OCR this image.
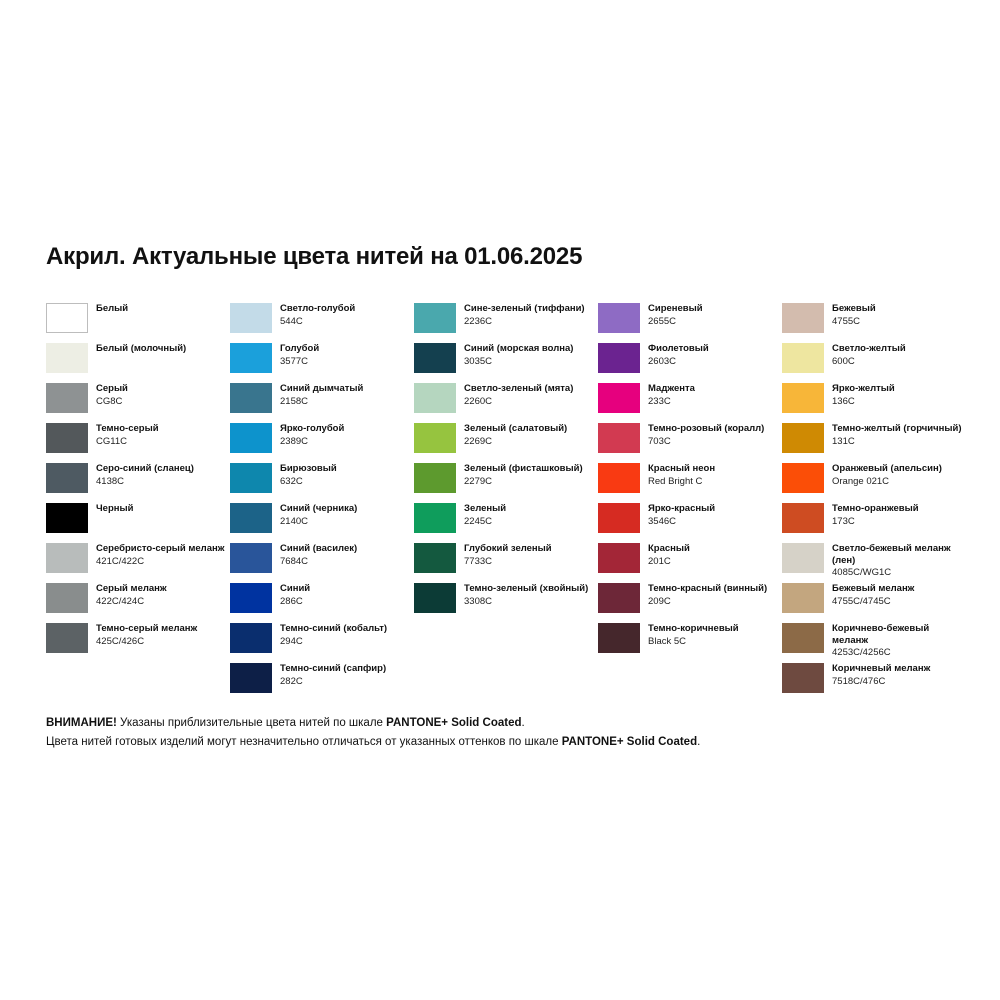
Акрил. Актуальные цвета нитей на 01.06.2025
Белый
Белый (молочный)
Серый
CG8C
Темно-серый
CG11C
Серо-синий (сланец)
4138C
Черный
Серебристо-серый меланж
421C/422C
Серый меланж
422C/424C
Темно-серый меланж
425C/426C
Светло-голубой
544C
Голубой
3577C
Синий дымчатый
2158C
Ярко-голубой
2389C
Бирюзовый
632C
Синий (черника)
2140C
Синий (василек)
7684C
Синий
286C
Темно-синий (кобальт)
294C
Темно-синий (сапфир)
282C
Сине-зеленый (тиффани)
2236C
Синий (морская волна)
3035C
Светло-зеленый (мята)
2260C
Зеленый (салатовый)
2269C
Зеленый (фисташковый)
2279C
Зеленый
2245C
Глубокий зеленый
7733C
Темно-зеленый (хвойный)
3308C
Сиреневый
2655C
Фиолетовый
2603C
Маджента
233C
Темно-розовый (коралл)
703C
Красный неон
Red Bright C
Ярко-красный
3546C
Красный
201C
Темно-красный (винный)
209C
Темно-коричневый
Black 5C
Бежевый
4755C
Светло-желтый
600C
Ярко-желтый
136C
Темно-желтый (горчичный)
131C
Оранжевый (апельсин)
Orange 021C
Темно-оранжевый
173C
Светло-бежевый меланж (лен)
4085C/WG1C
Бежевый меланж
4755C/4745C
Коричнево-бежевый меланж
4253C/4256C
Коричневый меланж
7518C/476C
ВНИМАНИЕ! Указаны приблизительные цвета нитей по шкале PANTONE+ Solid Coated.
Цвета нитей готовых изделий могут незначительно отличаться от указанных оттенков по шкале PANTONE+ Solid Coated.
